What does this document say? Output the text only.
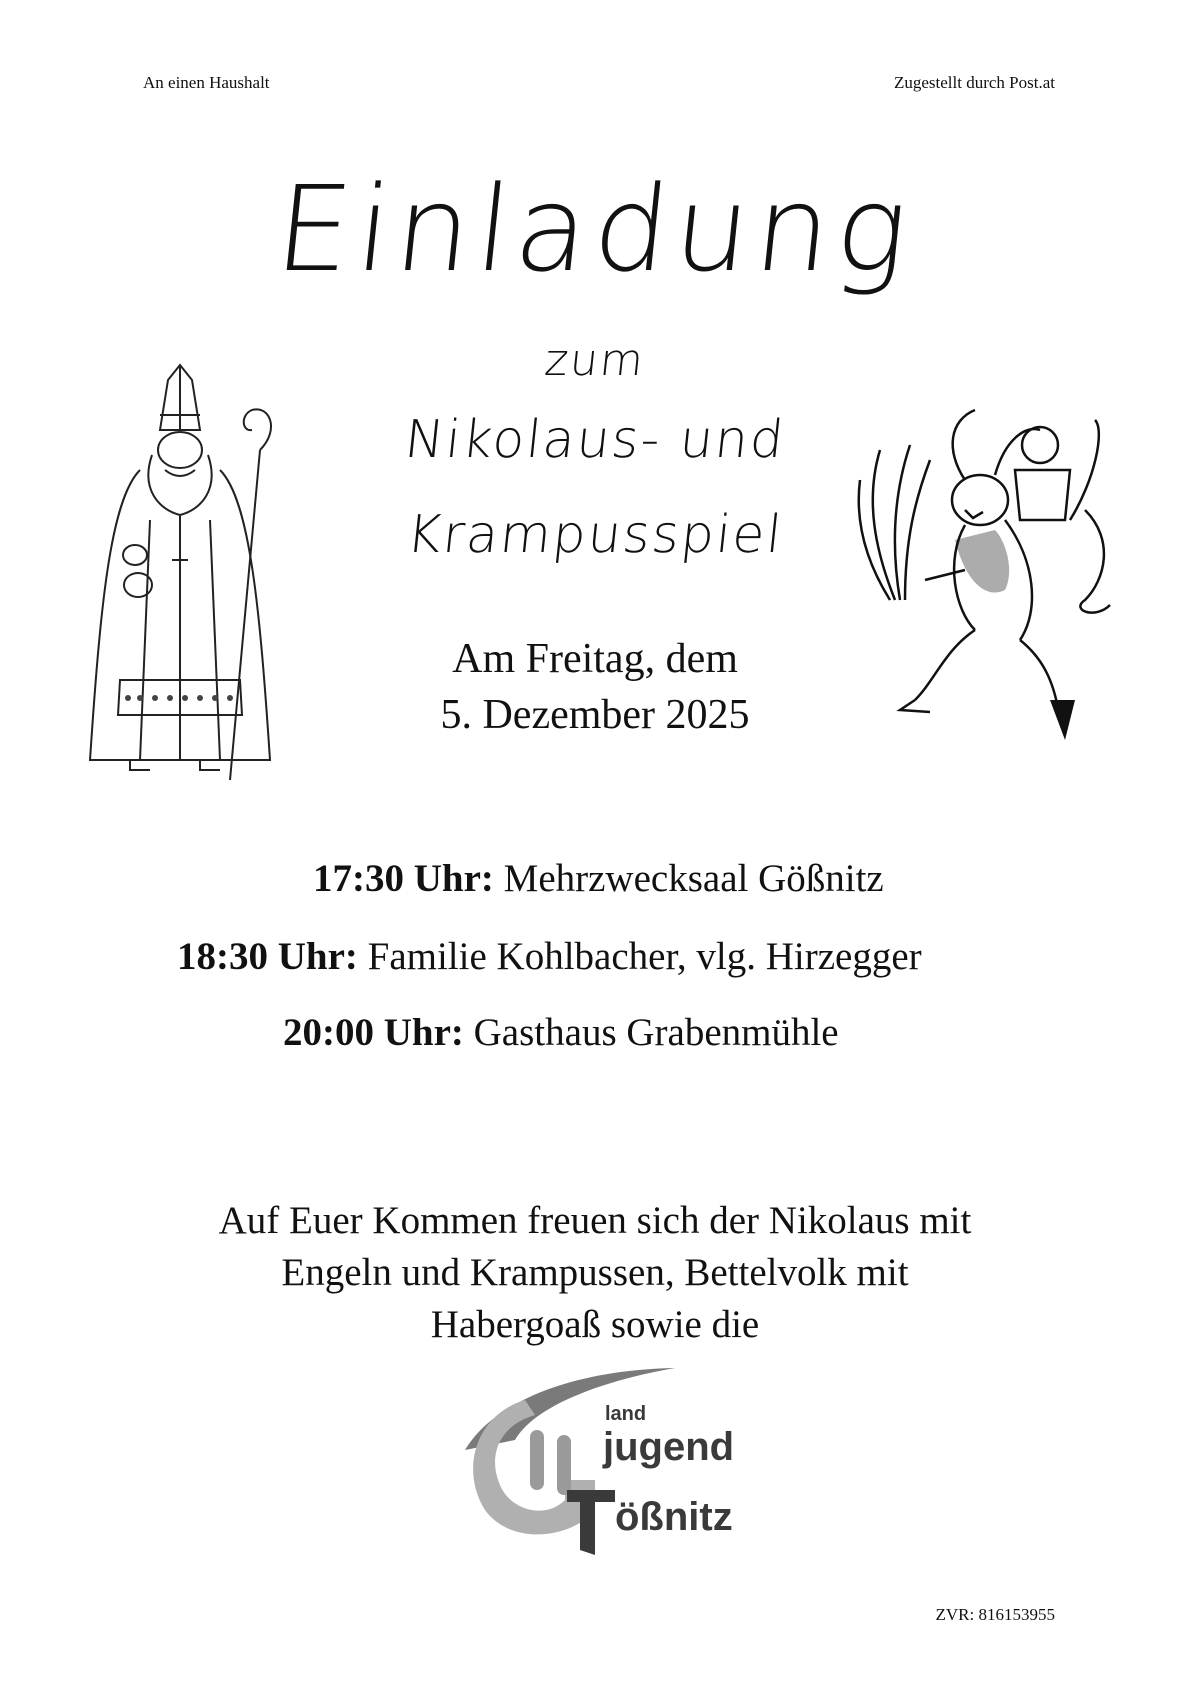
An einen Haushalt	Zugestellt durch Post.at
Einladung
zum
Nikolaus- und
Krampusspiel
Am Freitag, dem
5. Dezember 2025
17:30 Uhr: Mehrzwecksaal Gößnitz
18:30 Uhr: Familie Kohlbacher, vlg. Hirzegger
20:00 Uhr: Gasthaus Grabenmühle
Auf Euer Kommen freuen sich der Nikolaus mit
Engeln und Krampussen, Bettelvolk mit
Habergoaß sowie die
land
jugend
ößnitz
ZVR: 816153955
